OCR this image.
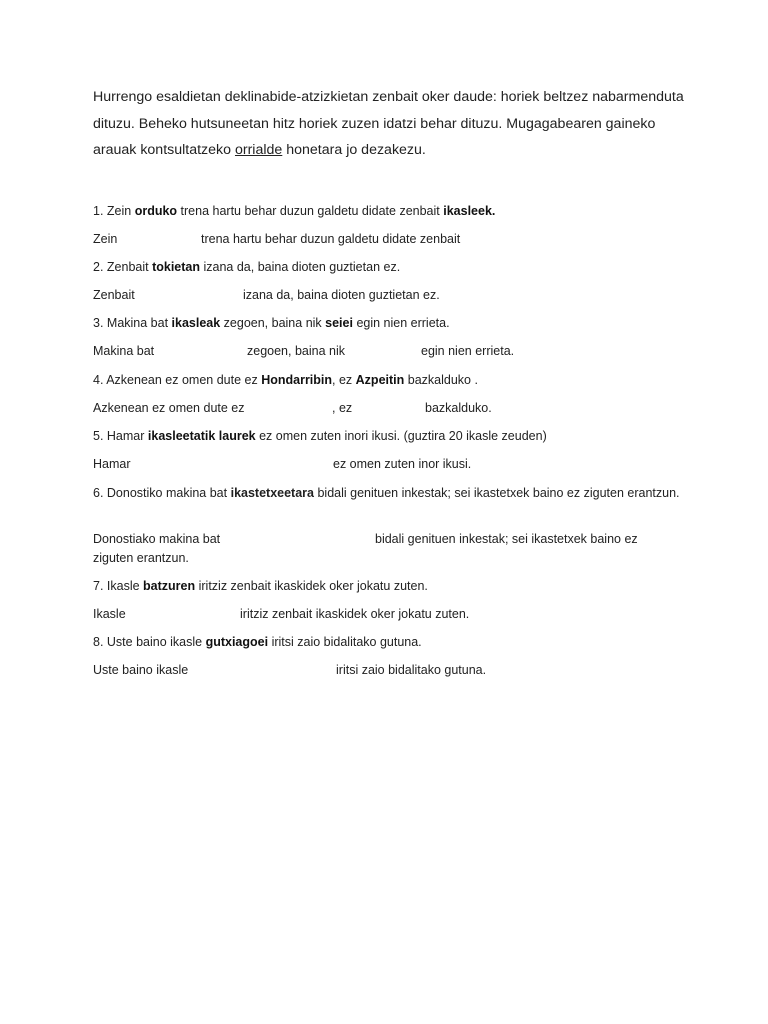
Hurrengo esaldietan deklinabide-atzizkietan zenbait oker daude: horiek beltzez nabarmenduta dituzu. Beheko hutsuneetan hitz horiek zuzen idatzi behar dituzu. Mugagabearen gaineko arauak kontsultatzeko orrialde honetara jo dezakezu.
1. Zein orduko trena hartu behar duzun galdetu didate zenbait ikasleek.
Zein	trena hartu behar duzun galdetu didate zenbait
2. Zenbait tokietan izana da, baina dioten guztietan ez.
Zenbait	izana da, baina dioten guztietan ez.
3. Makina bat ikasleak zegoen, baina nik seiei egin nien errieta.
Makina bat	zegoen, baina nik	egin nien errieta.
4. Azkenean ez omen dute ez Hondarribin, ez Azpeitin bazkalduko .
Azkenean ez omen dute ez	, ez	bazkalduko.
5. Hamar ikasleetatik laurek ez omen zuten inori ikusi. (guztira 20 ikasle zeuden)
Hamar	ez omen zuten inor ikusi.
6. Donostiko makina bat ikastetxeetara bidali genituen inkestak; sei ikastetxek baino ez ziguten erantzun.
Donostiako makina bat	bidali genituen inkestak; sei ikastetxek baino ez
ziguten erantzun.
7. Ikasle batzuren iritziz zenbait ikaskidek oker jokatu zuten.
Ikasle	iritziz zenbait ikaskidek oker jokatu zuten.
8. Uste baino ikasle gutxiagoei iritsi zaio bidalitako gutuna.
Uste baino ikasle	iritsi zaio bidalitako gutuna.
